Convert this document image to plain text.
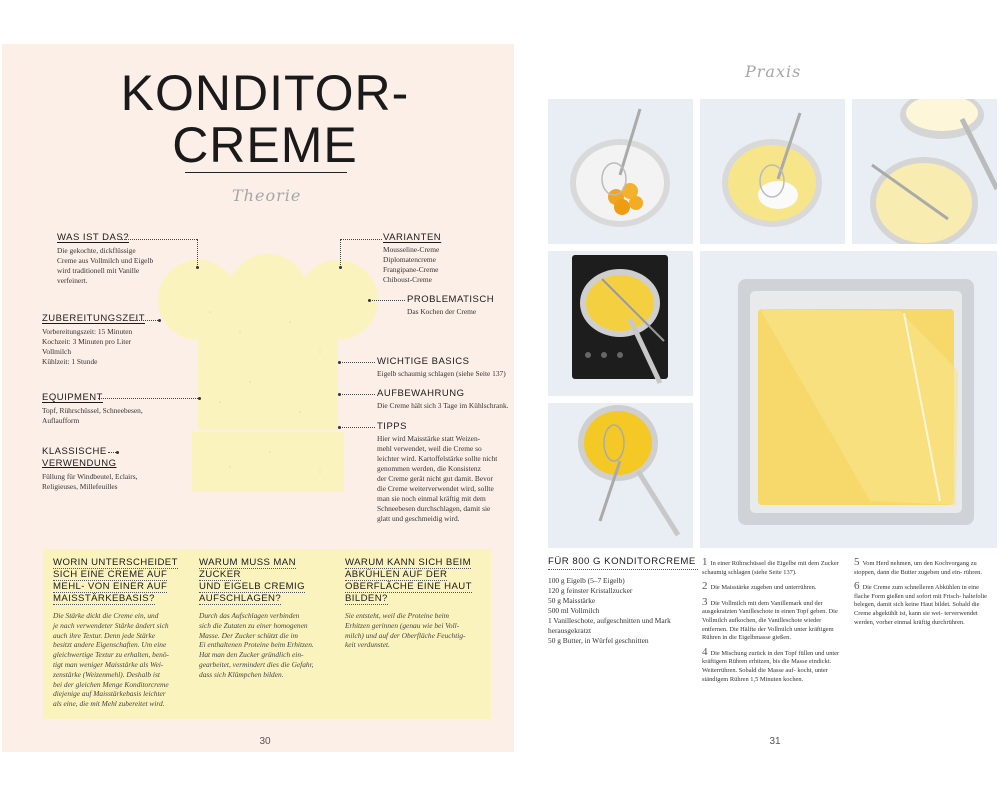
KONDITOR-
CREME
Theorie
WAS IST DAS?
Die gekochte, dickflüssige
Creme aus Vollmilch und Eigelb
wird traditionell mit Vanille
verfeinert.
ZUBEREITUNGSZEIT
Vorbereitungszeit: 15 Minuten
Kochzeit: 3 Minuten pro Liter
Vollmilch
Kühlzeit: 1 Stunde
EQUIPMENT
Topf, Rührschüssel, Schneebesen,
Auflaufform
KLASSISCHE
VERWENDUNG
Füllung für Windbeutel, Eclairs,
Religieuses, Millefeuilles
VARIANTEN
Mousseline-Creme
Diplomatencreme
Frangipane-Creme
Chiboust-Creme
PROBLEMATISCH
Das Kochen der Creme
WICHTIGE BASICS
Eigelb schaumig schlagen (siehe Seite 137)
AUFBEWAHRUNG
Die Creme hält sich 3 Tage im Kühlschrank.
TIPPS
Hier wird Maisstärke statt Weizen-
mehl verwendet, weil die Creme so
leichter wird. Kartoffelstärke sollte nicht
genommen werden, die Konsistenz
der Creme gerät nicht gut damit. Bevor
die Creme weiterverwendet wird, sollte
man sie noch einmal kräftig mit dem
Schneebesen durchschlagen, damit sie
glatt und geschmeidig wird.
WORIN UNTERSCHEIDET
SICH EINE CREME AUF
MEHL- VON EINER AUF
MAISSTÄRKEBASIS?
Die Stärke dickt die Creme ein, und
je nach verwendeter Stärke ändert sich
auch ihre Textur. Denn jede Stärke
besitzt andere Eigenschaften. Um eine
gleichwertige Textur zu erhalten, benö-
tigt man weniger Maisstärke als Wei-
zenstärke (Weizenmehl). Deshalb ist
bei der gleichen Menge Konditorcreme
diejenige auf Maisstärkebasis leichter
als eine, die mit Mehl zubereitet wird.
WARUM MUSS MAN ZUCKER
UND EIGELB CREMIG
AUFSCHLAGEN?
Durch das Aufschlagen verbinden
sich die Zutaten zu einer homogenen
Masse. Der Zucker schützt die im
Ei enthaltenen Proteine beim Erhitzen.
Hat man den Zucker gründlich ein-
gearbeitet, vermindert dies die Gefahr,
dass sich Klümpchen bilden.
WARUM KANN SICH BEIM
ABKÜHLEN AUF DER
OBERFLÄCHE EINE HAUT
BILDEN?
Sie entsteht, weil die Proteine beim
Erhitzen gerinnen (genau wie bei Voll-
milch) und auf der Oberfläche Feuchtig-
keit verdunstet.
30
Praxis
FÜR 800 G KONDITORCREME
100 g Eigelb (5–7 Eigelb)
120 g feinster Kristallzucker
50 g Maisstärke
500 ml Vollmilch
1 Vanilleschote, aufgeschnitten und Mark
herausgekratzt
50 g Butter, in Würfel geschnitten
1 In einer Rührschüssel die Eigelbe mit dem Zucker schaumig schlagen (siehe Seite 137).
2 Die Maisstärke zugeben und unterrühren.
3 Die Vollmilch mit dem Vanillemark und der ausgekratzten Vanilleschote in einen Topf geben. Die Vollmilch aufkochen, die Vanilleschote wieder entfernen. Die Hälfte der Vollmilch unter kräftigem Rühren in die Eigelbmasse gießen.
4 Die Mischung zurück in den Topf füllen und unter kräftigem Rühren erhitzen, bis die Masse eindickt. Weiterrühren. Sobald die Masse auf- kocht, unter ständigem Rühren 1,5 Minuten kochen.
5 Vom Herd nehmen, um den Kochvorgang zu stoppen, dann die Butter zugeben und ein- rühren.
6 Die Creme zum schnelleren Abkühlen in eine flache Form gießen und sofort mit Frisch- haltefolie belegen, damit sich keine Haut bildet. Sobald die Creme abgekühlt ist, kann sie wei- terverwendet werden, vorher einmal kräftig durchrühren.
31
